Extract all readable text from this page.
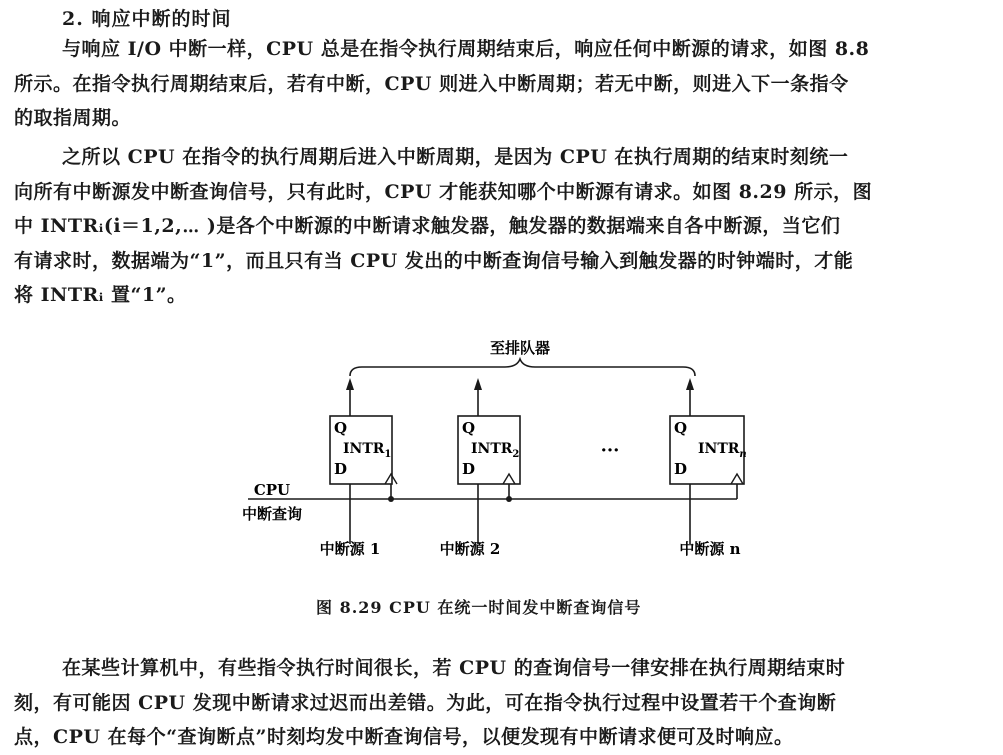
2. 响应中断的时间
与响应 I/O 中断一样，CPU 总是在指令执行周期结束后，响应任何中断源的请求，如图 8.8
所示。在指令执行周期结束后，若有中断，CPU 则进入中断周期；若无中断，则进入下一条指令
的取指周期。
之所以 CPU 在指令的执行周期后进入中断周期，是因为 CPU 在执行周期的结束时刻统一
向所有中断源发中断查询信号，只有此时，CPU 才能获知哪个中断源有请求。如图 8.29 所示，图
中 INTRᵢ(i＝1,2,⋯ )是各个中断源的中断请求触发器，触发器的数据端来自各中断源，当它们
有请求时，数据端为“1”，而且只有当 CPU 发出的中断查询信号输入到触发器的时钟端时，才能
将 INTRᵢ 置“1”。
至排队器
Q
D
$INTR_1$
中断源 1
Q
D
$INTR_2$
中断源 2
···
Q
D
$INTR_n$
中断源 n
CPU
中断查询
图 8.29 CPU 在统一时间发中断查询信号
在某些计算机中，有些指令执行时间很长，若 CPU 的查询信号一律安排在执行周期结束时
刻，有可能因 CPU 发现中断请求过迟而出差错。为此，可在指令执行过程中设置若干个查询断
点，CPU 在每个“查询断点”时刻均发中断查询信号，以便发现有中断请求便可及时响应。
